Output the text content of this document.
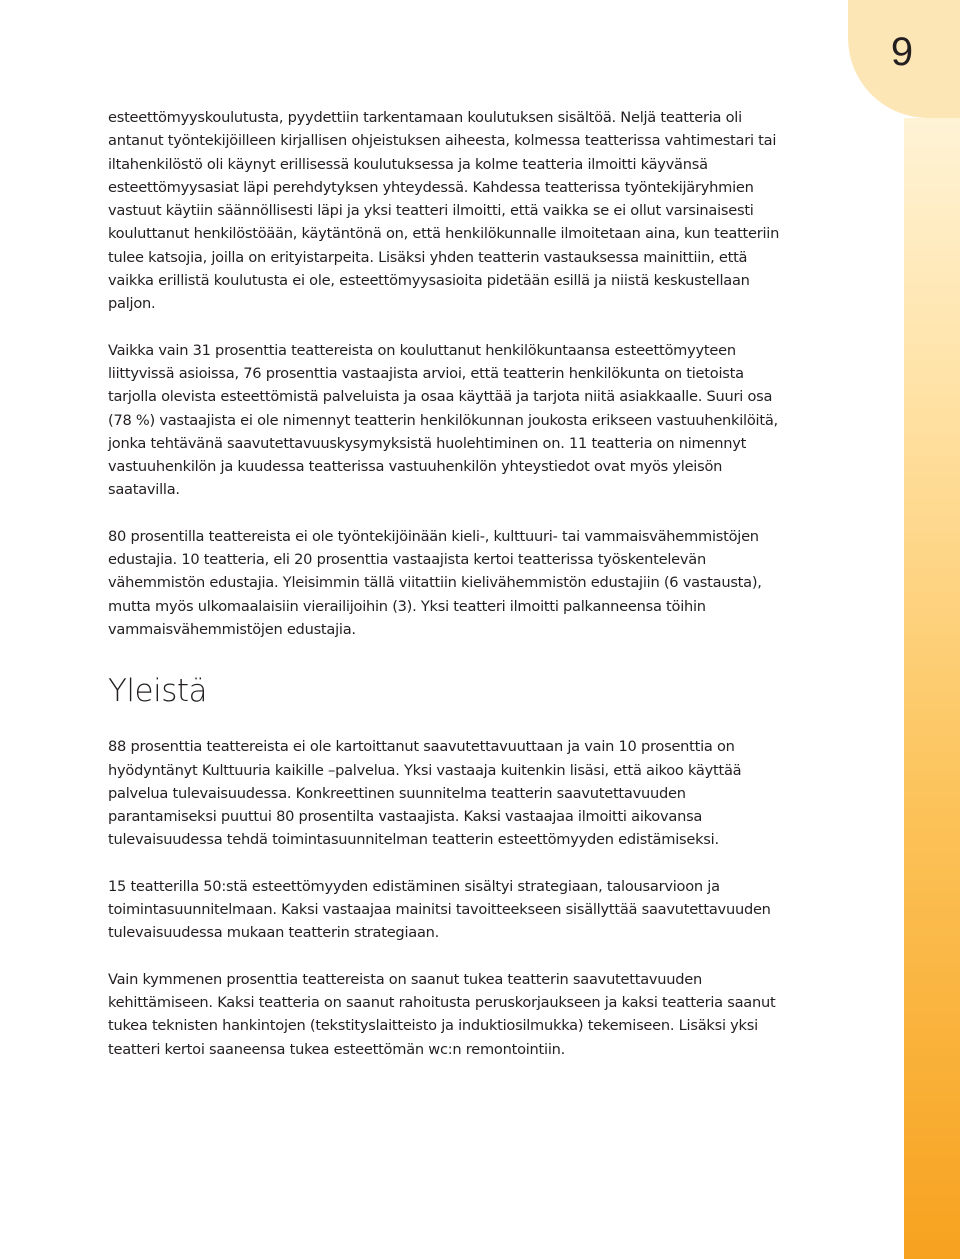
9

esteettömyyskoulutusta, pyydettiin tarkentamaan koulutuksen sisältöä. Neljä teatteria oli antanut työntekijöilleen kirjallisen ohjeistuksen aiheesta, kolmessa teatterissa vahtimestari tai iltahenkilöstö oli käynyt erillisessä koulutuksessa ja kolme teatteria ilmoitti käyvänsä esteettömyysasiat läpi perehdytyksen yhteydessä. Kahdessa teatterissa työntekijäryhmien vastuut käytiin säännöllisesti läpi ja yksi teatteri ilmoitti, että vaikka se ei ollut varsinaisesti kouluttanut henkilöstöään, käytäntönä on, että henkilökunnalle ilmoitetaan aina, kun teatteriin tulee katsojia, joilla on erityistarpeita. Lisäksi yhden teatterin vastauksessa mainittiin, että vaikka erillistä koulutusta ei ole, esteettömyysasioita pidetään esillä ja niistä keskustellaan paljon.

Vaikka vain 31 prosenttia teattereista on kouluttanut henkilökuntaansa esteettömyyteen liittyvissä asioissa, 76 prosenttia vastaajista arvioi, että teatterin henkilökunta on tietoista tarjolla olevista esteettömistä palveluista ja osaa käyttää ja tarjota niitä asiakkaalle. Suuri osa (78 %) vastaajista ei ole nimennyt teatterin henkilökunnan joukosta erikseen vastuuhenkilöitä, jonka tehtävänä saavutettavuuskysymyksistä huolehtiminen on. 11 teatteria on nimennyt vastuuhenkilön ja kuudessa teatterissa vastuuhenkilön yhteystiedot ovat myös yleisön saatavilla.

80 prosentilla teattereista ei ole työntekijöinään kieli-, kulttuuri- tai vammaisvähemmistöjen edustajia. 10 teatteria, eli 20 prosenttia vastaajista kertoi teatterissa työskentelevän vähemmistön edustajia. Yleisimmin tällä viitattiin kielivähemmistön edustajiin (6 vastausta), mutta myös ulkomaalaisiin vierailijoihin (3). Yksi teatteri ilmoitti palkanneensa töihin vammaisvähemmistöjen edustajia.

Yleistä

88 prosenttia teattereista ei ole kartoittanut saavutettavuuttaan ja vain 10 prosenttia on hyödyntänyt Kulttuuria kaikille –palvelua. Yksi vastaaja kuitenkin lisäsi, että aikoo käyttää palvelua tulevaisuudessa. Konkreettinen suunnitelma teatterin saavutettavuuden parantamiseksi puuttui 80 prosentilta vastaajista. Kaksi vastaajaa ilmoitti aikovansa tulevaisuudessa tehdä toimintasuunnitelman teatterin esteettömyyden edistämiseksi.

15 teatterilla 50:stä esteettömyyden edistäminen sisältyi strategiaan, talousarvioon ja toimintasuunnitelmaan. Kaksi vastaajaa mainitsi tavoitteekseen sisällyttää saavutettavuuden tulevaisuudessa mukaan teatterin strategiaan.

Vain kymmenen prosenttia teattereista on saanut tukea teatterin saavutettavuuden kehittämiseen. Kaksi teatteria on saanut rahoitusta peruskorjaukseen ja kaksi teatteria saanut tukea teknisten hankintojen (tekstityslaitteisto ja induktiosilmukka) tekemiseen. Lisäksi yksi teatteri kertoi saaneensa tukea esteettömän wc:n remontointiin.
